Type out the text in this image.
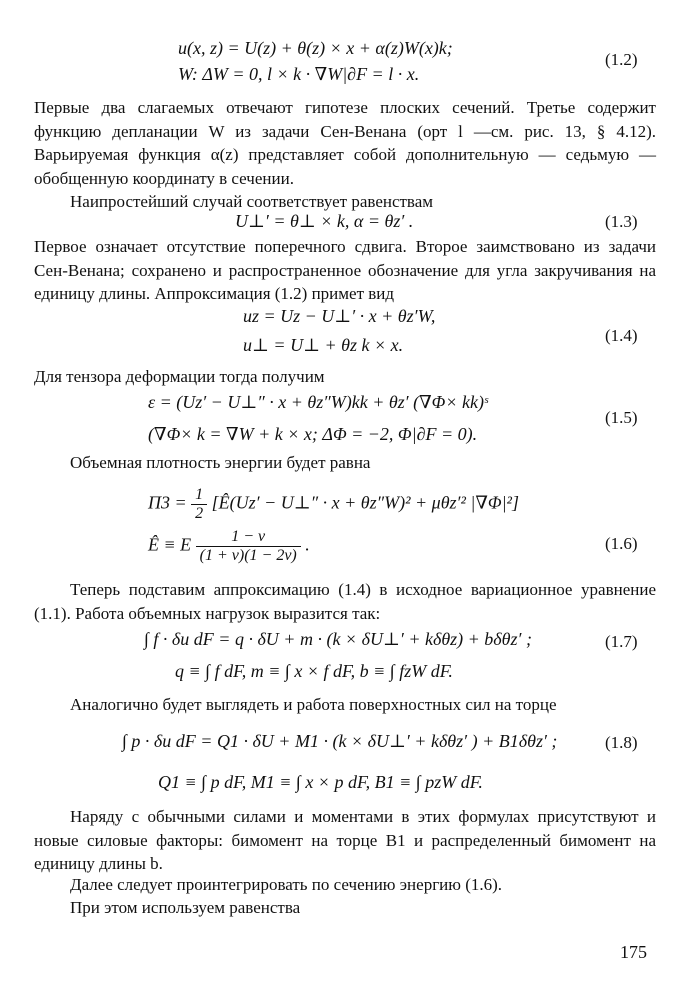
u(x, z) = U(z) + θ(z) × x + α(z)W(x)k;
W: ΔW = 0, l × k · ∇W|∂F = l · x.
(1.2)
Первые два слагаемых отвечают гипотезе плоских сечений. Третье содержит функцию депланации W из задачи Сен-Венана (орт l —см. рис. 13, § 4.12). Варьируемая функция α(z) представляет собой дополнительную — седьмую — обобщенную координату в сечении.
Наипростейший случай соответствует равенствам
U⊥′ = θ⊥ × k, α = θz′ .	(1.3)
Первое означает отсутствие поперечного сдвига. Второе заимствовано из задачи Сен-Венана; сохранено и распространенное обозначение для угла закручивания на единицу длины. Аппроксимация (1.2) примет вид
uz = Uz − U⊥′ · x + θz′W,
u⊥ = U⊥ + θz k × x.	(1.4)
Для тензора деформации тогда получим
ε = (Uz′ − U⊥″ · x + θz″W)kk + θz′ (∇Φ× kk)ˢ
(∇Φ× k = ∇W + k × x; ΔΦ = −2, Φ|∂F = 0).
(1.5)
Объемная плотность энергии будет равна
$\Pi 3 = \frac{1}{2}$ [Ê(Uz′ − U⊥″ · x + θz″W)² + μθz′² |∇Φ|²]
Ê ≡ E $\frac{1 - \nu}{(1 + \nu)(1 - 2\nu)}$ .	(1.6)
Теперь подставим аппроксимацию (1.4) в исходное вариационное уравнение (1.1). Работа объемных нагрузок выразится так:
∫ f · δu dF = q · δU + m · (k × δU⊥′ + kδθz) + bδθz′ ;
q ≡ ∫ f dF, m ≡ ∫ x × f dF, b ≡ ∫ fzW dF.
(1.7)
Аналогично будет выглядеть и работа поверхностных сил на торце
∫ p · δu dF = Q1 · δU + M1 · (k × δU⊥′ + kδθz′ ) + B1δθz′ ;
Q1 ≡ ∫ p dF, M1 ≡ ∫ x × p dF, B1 ≡ ∫ pzW dF.
(1.8)
Наряду с обычными силами и моментами в этих формулах присутствуют и новые силовые факторы: бимомент на торце B1 и распределенный бимомент на единицу длины b.
Далее следует проинтегрировать по сечению энергию (1.6).
При этом используем равенства
175
